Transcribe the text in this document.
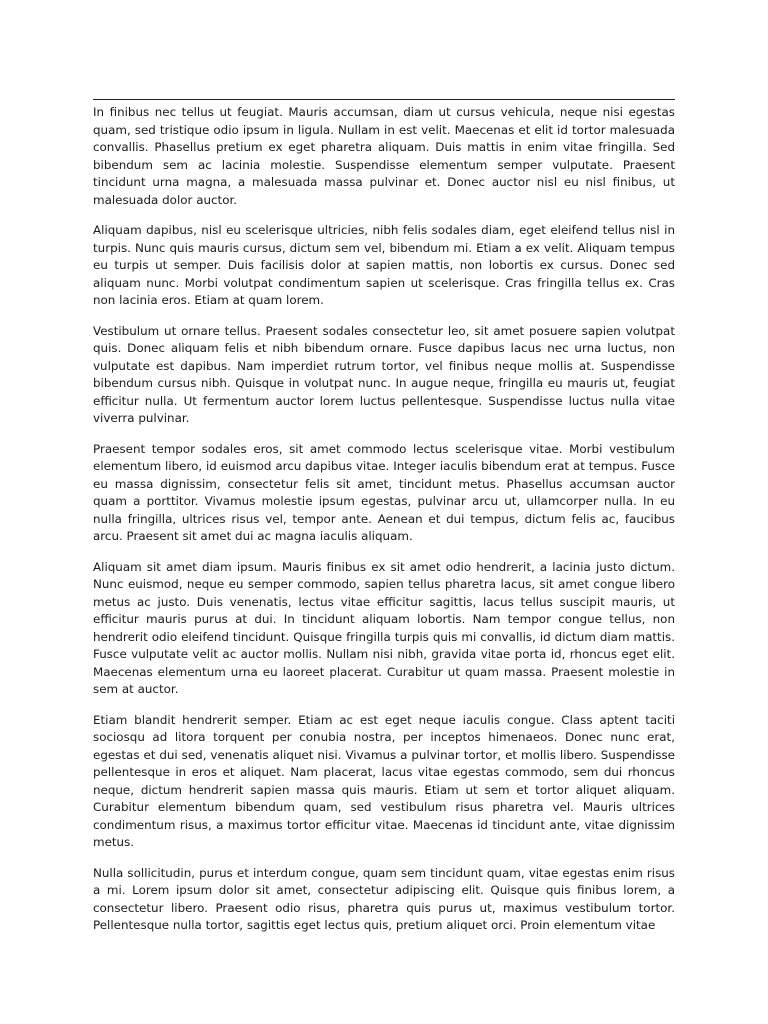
In finibus nec tellus ut feugiat. Mauris accumsan, diam ut cursus vehicula, neque nisi egestas quam, sed tristique odio ipsum in ligula. Nullam in est velit. Maecenas et elit id tortor malesuada convallis. Phasellus pretium ex eget pharetra aliquam. Duis mattis in enim vitae fringilla. Sed bibendum sem ac lacinia molestie. Suspendisse elementum semper vulputate. Praesent tincidunt urna magna, a malesuada massa pulvinar et. Donec auctor nisl eu nisl finibus, ut malesuada dolor auctor.

Aliquam dapibus, nisl eu scelerisque ultricies, nibh felis sodales diam, eget eleifend tellus nisl in turpis. Nunc quis mauris cursus, dictum sem vel, bibendum mi. Etiam a ex velit. Aliquam tempus eu turpis ut semper. Duis facilisis dolor at sapien mattis, non lobortis ex cursus. Donec sed aliquam nunc. Morbi volutpat condimentum sapien ut scelerisque. Cras fringilla tellus ex. Cras non lacinia eros. Etiam at quam lorem.

Vestibulum ut ornare tellus. Praesent sodales consectetur leo, sit amet posuere sapien volutpat quis. Donec aliquam felis et nibh bibendum ornare. Fusce dapibus lacus nec urna luctus, non vulputate est dapibus. Nam imperdiet rutrum tortor, vel finibus neque mollis at. Suspendisse bibendum cursus nibh. Quisque in volutpat nunc. In augue neque, fringilla eu mauris ut, feugiat efficitur nulla. Ut fermentum auctor lorem luctus pellentesque. Suspendisse luctus nulla vitae viverra pulvinar.

Praesent tempor sodales eros, sit amet commodo lectus scelerisque vitae. Morbi vestibulum elementum libero, id euismod arcu dapibus vitae. Integer iaculis bibendum erat at tempus. Fusce eu massa dignissim, consectetur felis sit amet, tincidunt metus. Phasellus accumsan auctor quam a porttitor. Vivamus molestie ipsum egestas, pulvinar arcu ut, ullamcorper nulla. In eu nulla fringilla, ultrices risus vel, tempor ante. Aenean et dui tempus, dictum felis ac, faucibus arcu. Praesent sit amet dui ac magna iaculis aliquam.

Aliquam sit amet diam ipsum. Mauris finibus ex sit amet odio hendrerit, a lacinia justo dictum. Nunc euismod, neque eu semper commodo, sapien tellus pharetra lacus, sit amet congue libero metus ac justo. Duis venenatis, lectus vitae efficitur sagittis, lacus tellus suscipit mauris, ut efficitur mauris purus at dui. In tincidunt aliquam lobortis. Nam tempor congue tellus, non hendrerit odio eleifend tincidunt. Quisque fringilla turpis quis mi convallis, id dictum diam mattis. Fusce vulputate velit ac auctor mollis. Nullam nisi nibh, gravida vitae porta id, rhoncus eget elit. Maecenas elementum urna eu laoreet placerat. Curabitur ut quam massa. Praesent molestie in sem at auctor.

Etiam blandit hendrerit semper. Etiam ac est eget neque iaculis congue. Class aptent taciti sociosqu ad litora torquent per conubia nostra, per inceptos himenaeos. Donec nunc erat, egestas et dui sed, venenatis aliquet nisi. Vivamus a pulvinar tortor, et mollis libero. Suspendisse pellentesque in eros et aliquet. Nam placerat, lacus vitae egestas commodo, sem dui rhoncus neque, dictum hendrerit sapien massa quis mauris. Etiam ut sem et tortor aliquet aliquam. Curabitur elementum bibendum quam, sed vestibulum risus pharetra vel. Mauris ultrices condimentum risus, a maximus tortor efficitur vitae. Maecenas id tincidunt ante, vitae dignissim metus.

Nulla sollicitudin, purus et interdum congue, quam sem tincidunt quam, vitae egestas enim risus a mi. Lorem ipsum dolor sit amet, consectetur adipiscing elit. Quisque quis finibus lorem, a consectetur libero. Praesent odio risus, pharetra quis purus ut, maximus vestibulum tortor. Pellentesque nulla tortor, sagittis eget lectus quis, pretium aliquet orci. Proin elementum vitae
